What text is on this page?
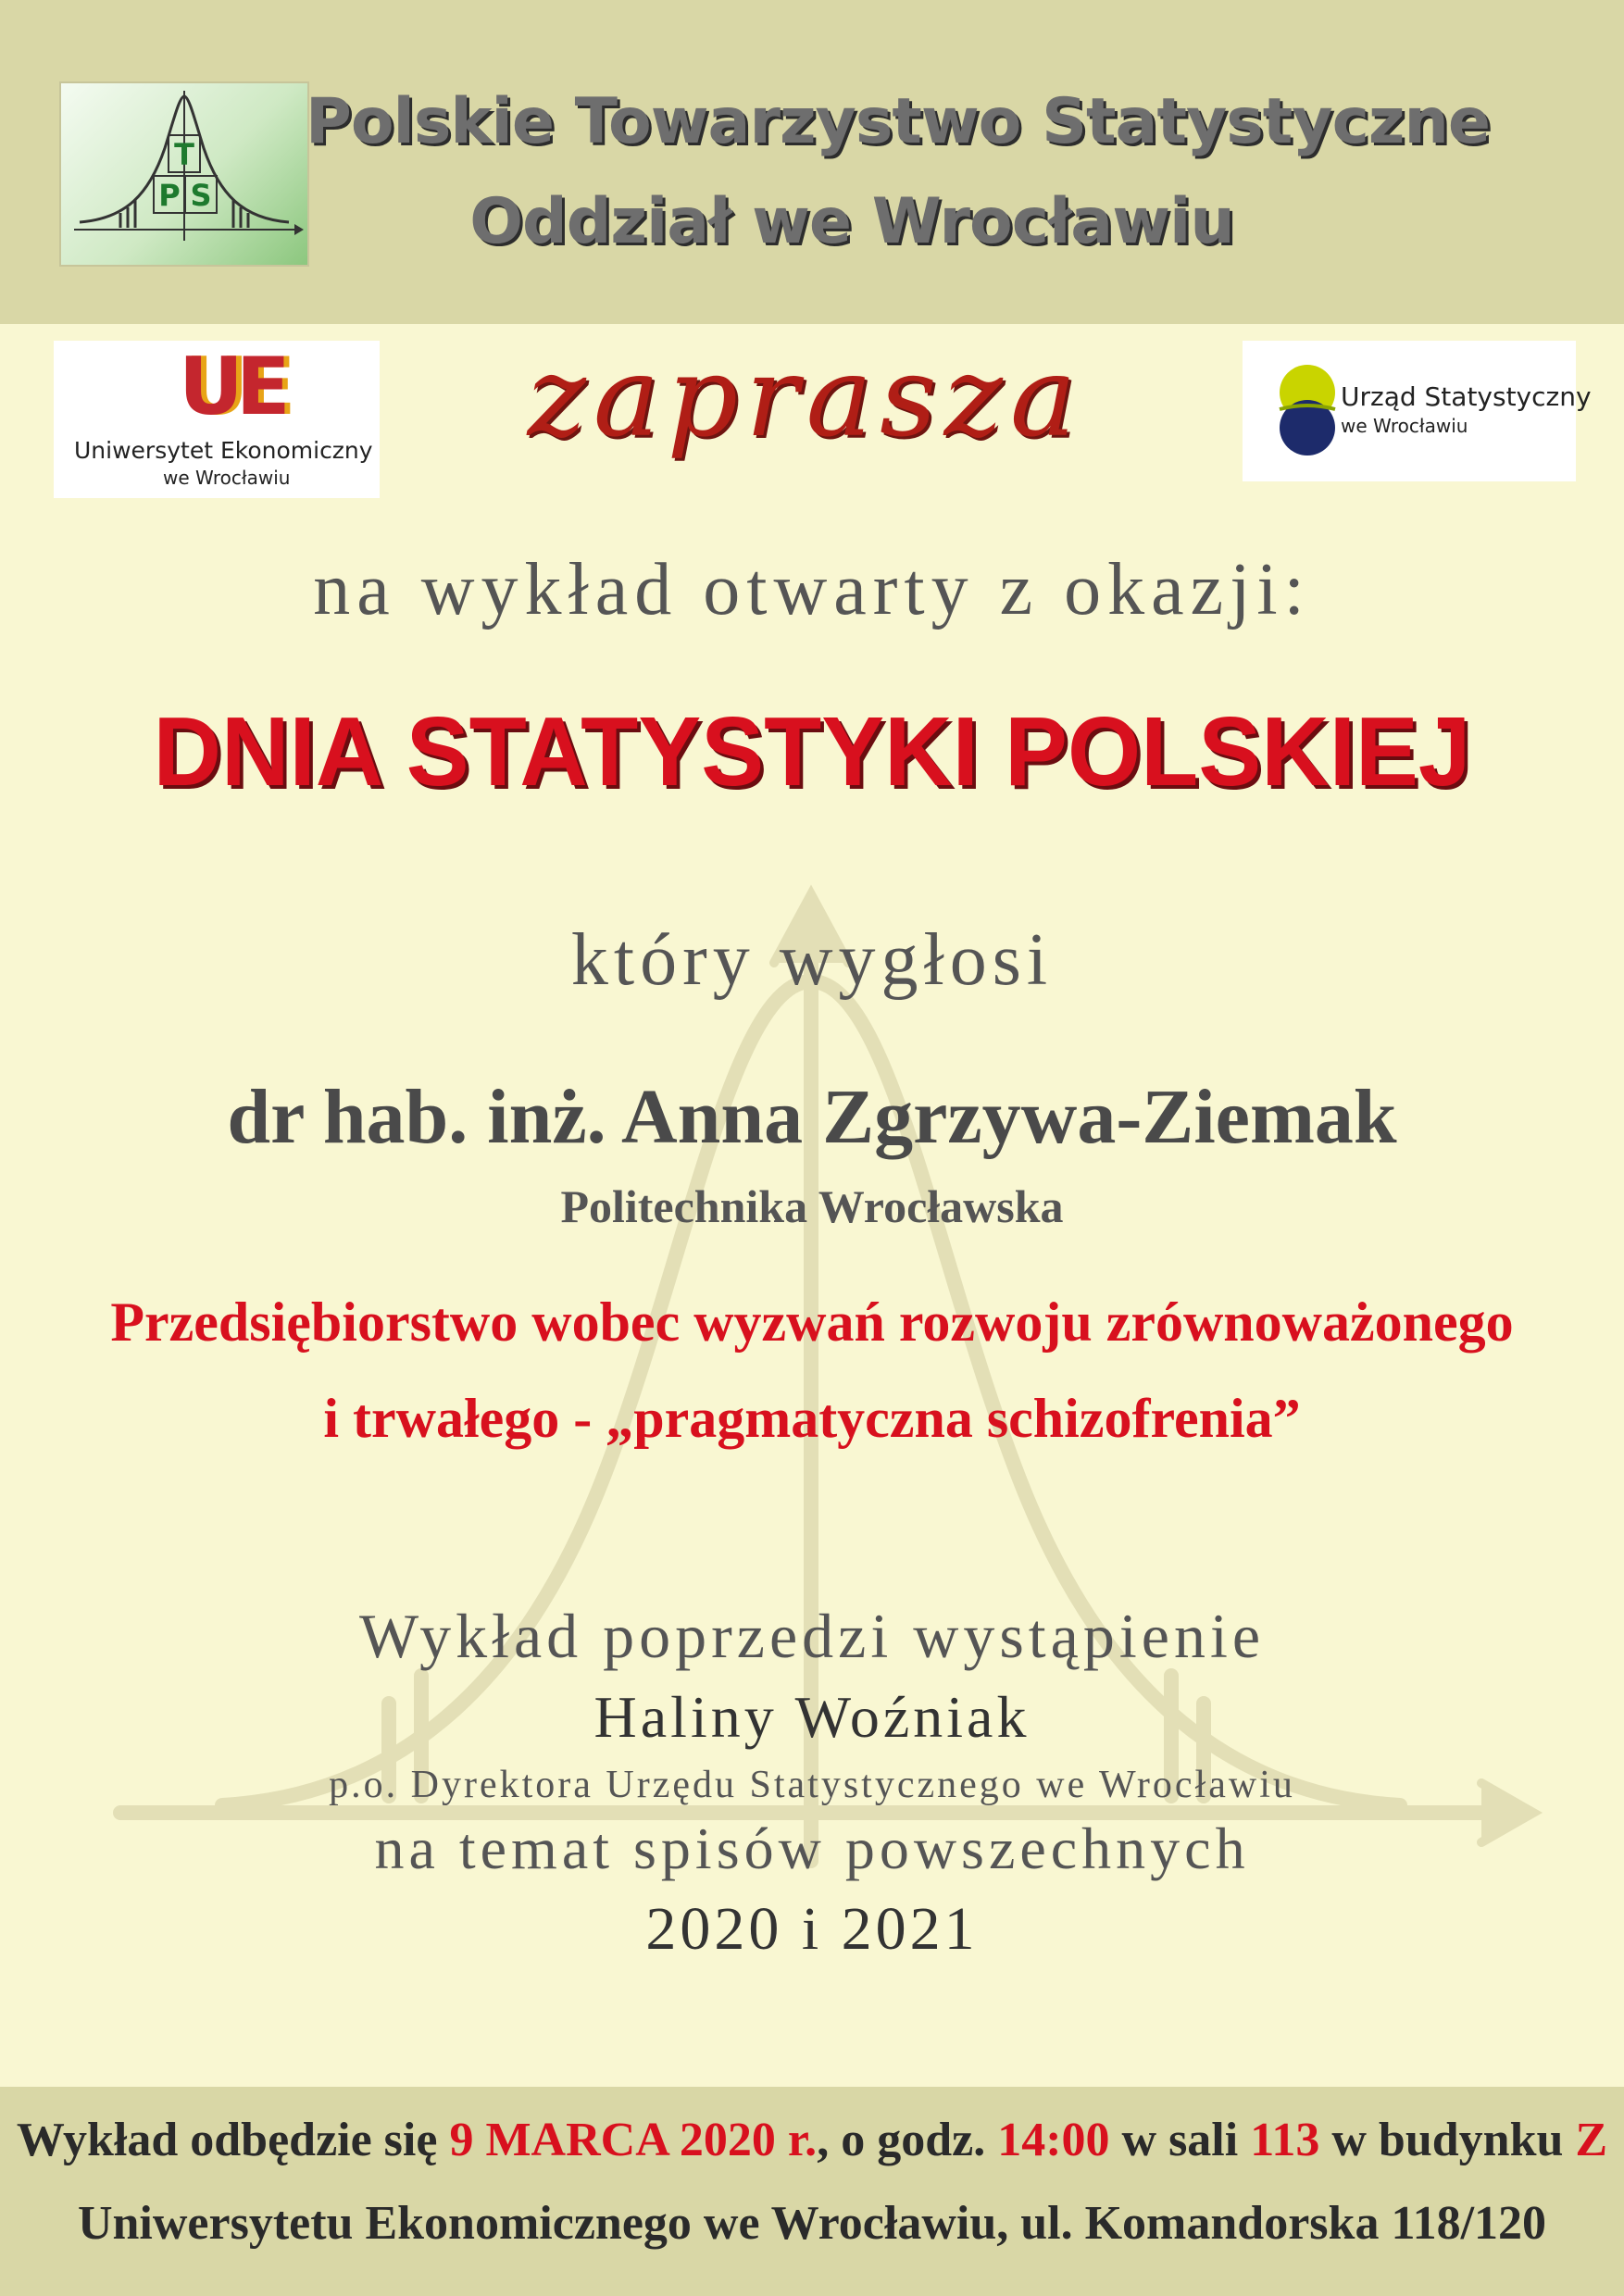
T
P S
Polskie Towarzystwo Statystyczne
Oddział we Wrocławiu
UE
Uniwersytet Ekonomiczny
we Wrocławiu
Urząd Statystyczny
we Wrocławiu
zaprasza
na wykład otwarty z okazji:
DNIA STATYSTYKI POLSKIEJ
który wygłosi
dr hab. inż. Anna Zgrzywa-Ziemak
Politechnika Wrocławska
Przedsiębiorstwo wobec wyzwań rozwoju zrównoważonego
i trwałego - „pragmatyczna schizofrenia”
Wykład poprzedzi wystąpienie
Haliny Woźniak
p.o. Dyrektora Urzędu Statystycznego we Wrocławiu
na temat spisów powszechnych
2020 i 2021
Wykład odbędzie się 9 MARCA 2020 r., o godz. 14:00 w sali 113 w budynku Z
Uniwersytetu Ekonomicznego we Wrocławiu, ul. Komandorska 118/120
